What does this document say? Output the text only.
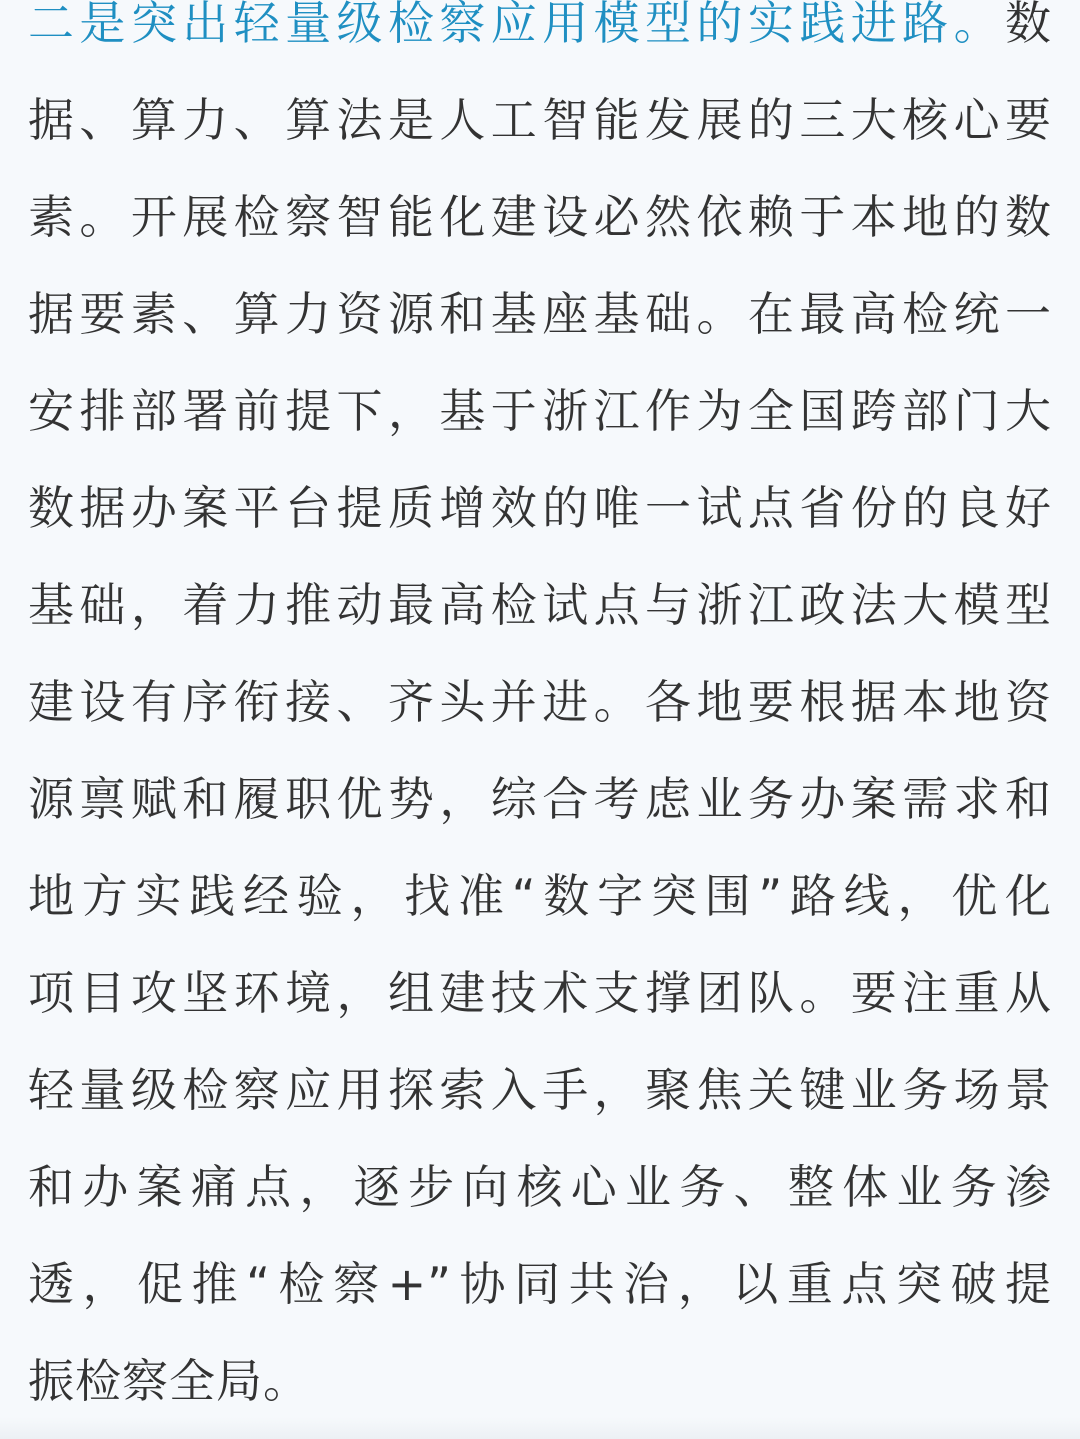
二是突出轻量级检察应用模型的实践进路。数
据、算力、算法是人工智能发展的三大核心要
素。开展检察智能化建设必然依赖于本地的数
据要素、算力资源和基座基础。在最高检统一
安排部署前提下，基于浙江作为全国跨部门大
数据办案平台提质增效的唯一试点省份的良好
基础，着力推动最高检试点与浙江政法大模型
建设有序衔接、齐头并进。各地要根据本地资
源禀赋和履职优势，综合考虑业务办案需求和
地方实践经验，找准“数字突围”路线，优化
项目攻坚环境，组建技术支撑团队。要注重从
轻量级检察应用探索入手，聚焦关键业务场景
和办案痛点，逐步向核心业务、整体业务渗
透，促推“检察+”协同共治，以重点突破提
振检察全局。
